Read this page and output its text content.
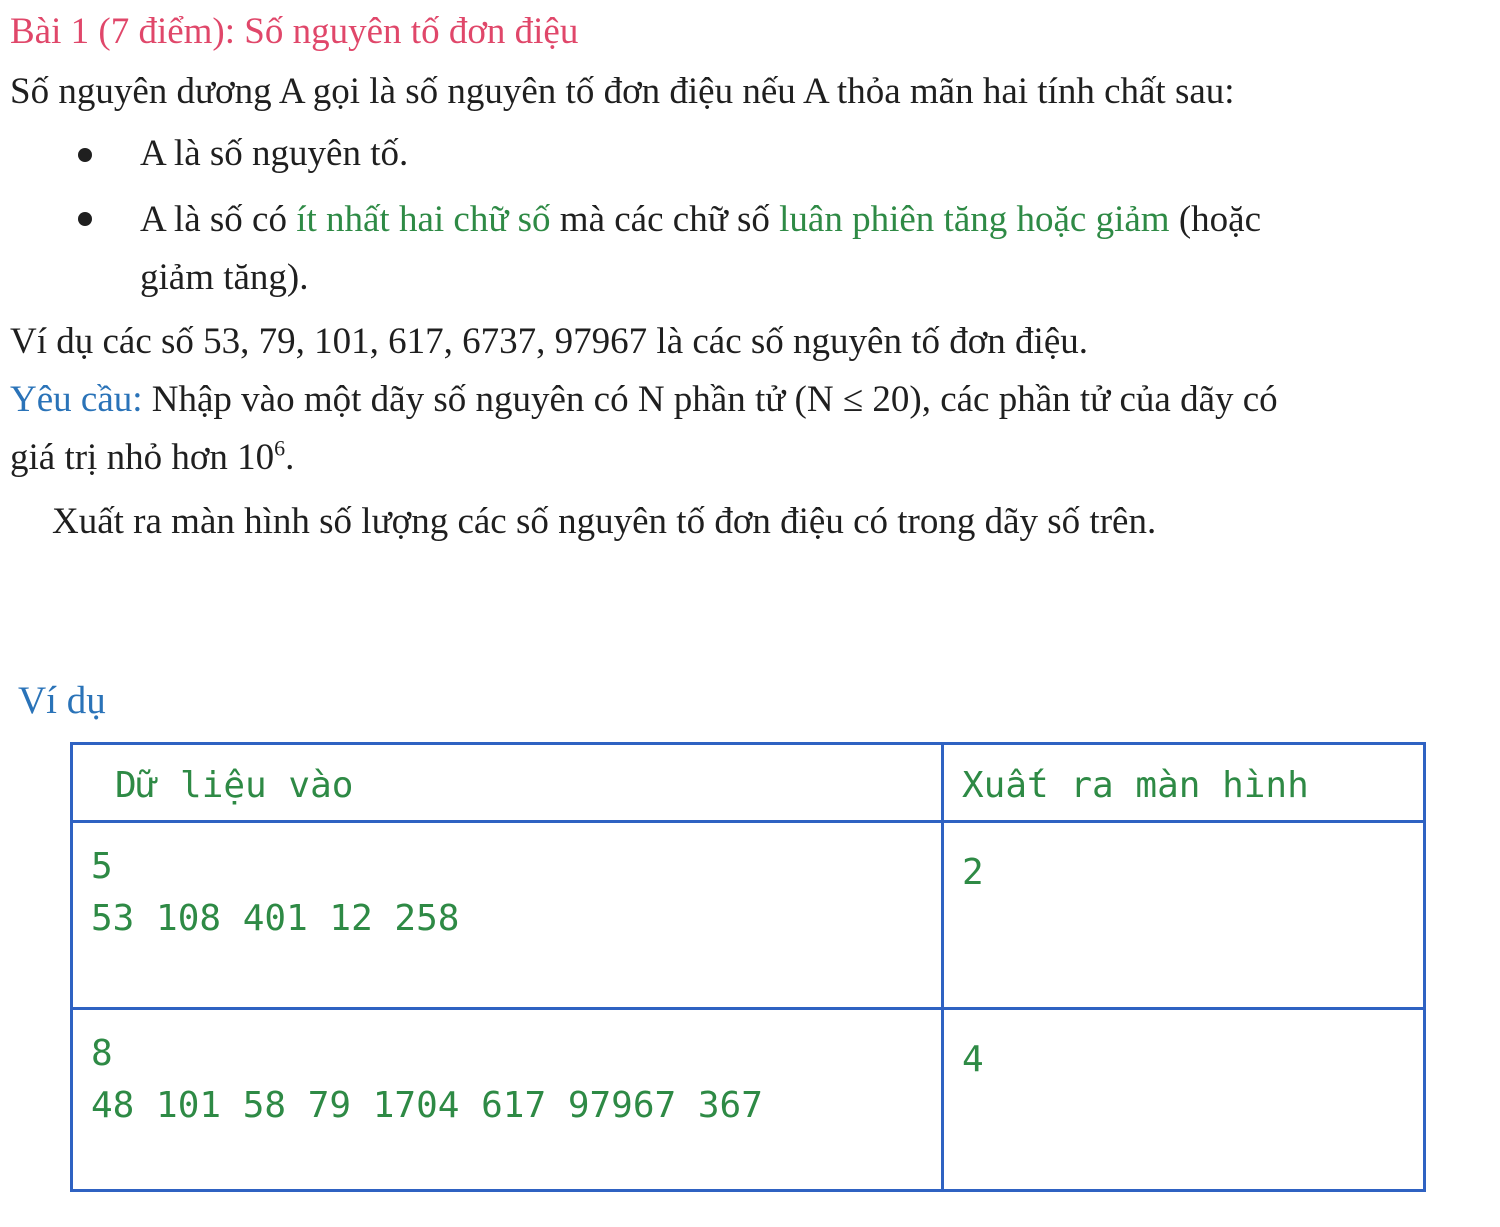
Bài 1 (7 điểm): Số nguyên tố đơn điệu
Số nguyên dương A gọi là số nguyên tố đơn điệu nếu A thỏa mãn hai tính chất sau:
A là số nguyên tố.
A là số có ít nhất hai chữ số mà các chữ số luân phiên tăng hoặc giảm (hoặc
giảm tăng).
Ví dụ các số 53, 79, 101, 617, 6737, 97967 là các số nguyên tố đơn điệu.
Yêu cầu: Nhập vào một dãy số nguyên có N phần tử (N ≤ 20), các phần tử của dãy có
giá trị nhỏ hơn $10^6$.
Xuất ra màn hình số lượng các số nguyên tố đơn điệu có trong dãy số trên.
Ví dụ
Dữ liệu vào	Xuất ra màn hình

5
53 108 401 12 258	2

8
48 101 58 79 1704 617 97967 367	4
